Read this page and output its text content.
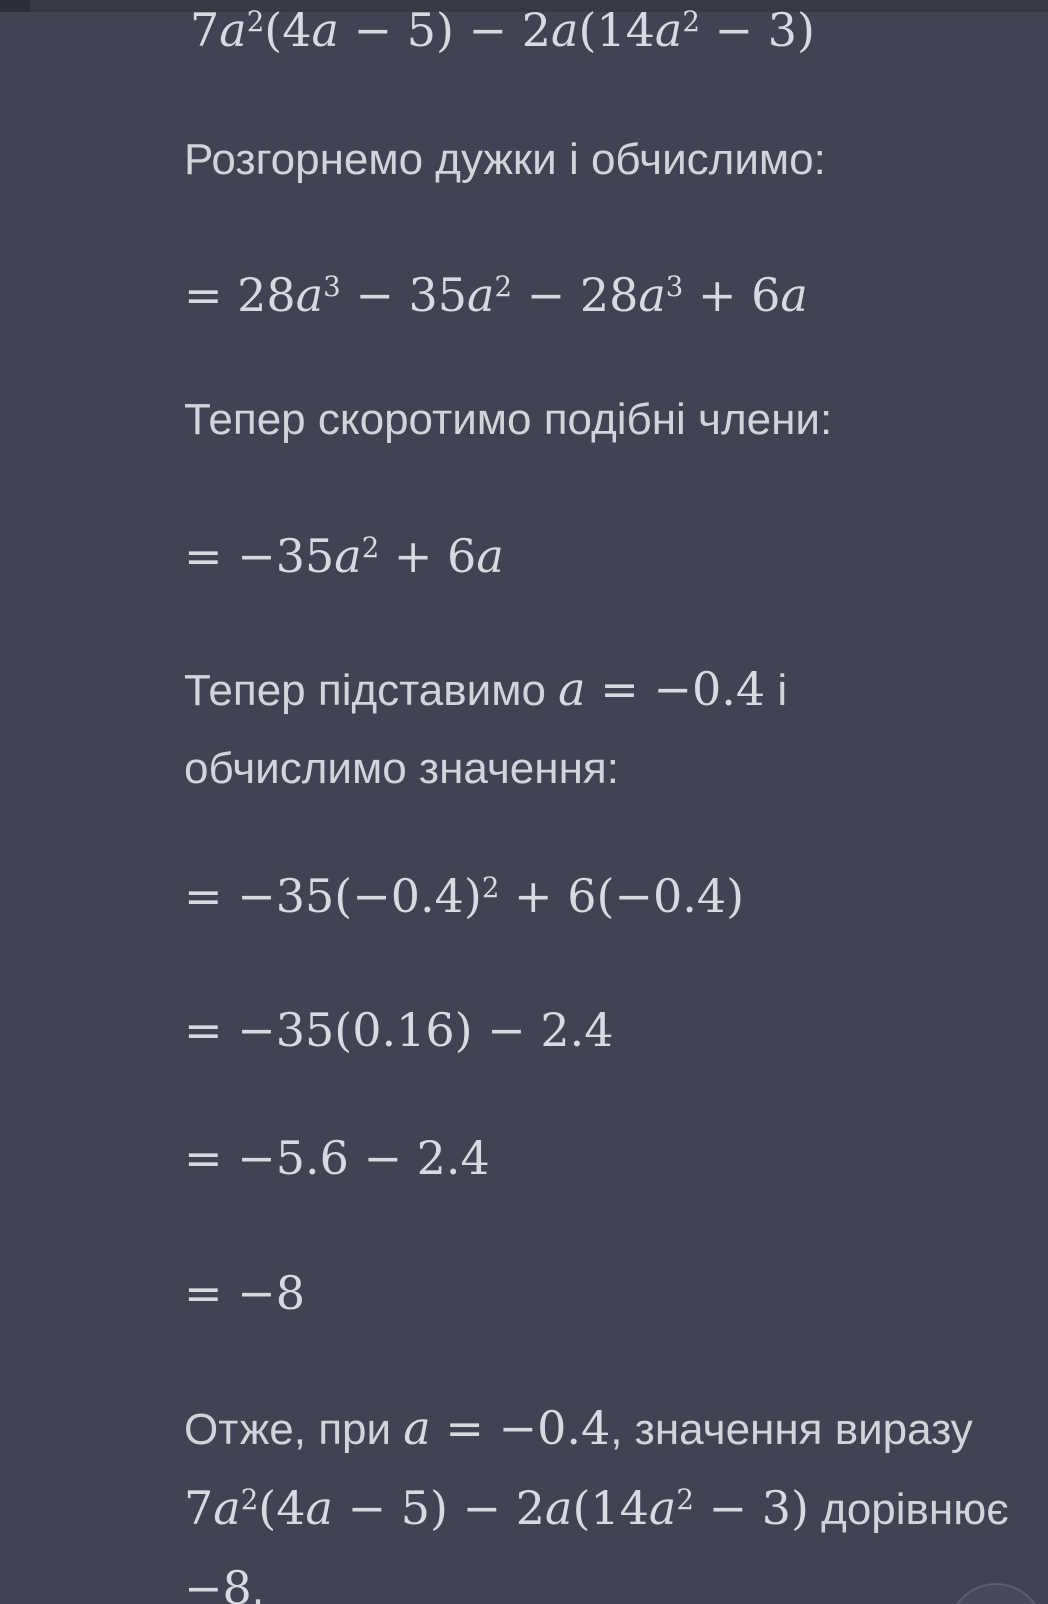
$7a^2(4a - 5) - 2a(14a^2 - 3)$

Розгорнемо дужки і обчислимо:

= $28a^3 - 35a^2 - 28a^3 + 6a$

Тепер скоротимо подібні члени:

= $-35a^2 + 6a$

Тепер підставимо a = −0.4 і
обчислимо значення:

= $-35(-0.4)^2 + 6(-0.4)$
= −35(0.16) − 2.4
= −5.6 − 2.4
= −8

Отже, при a = −0.4, значення виразу
$7a^2(4a - 5) - 2a(14a^2 - 3)$ дорівнює
−8.
